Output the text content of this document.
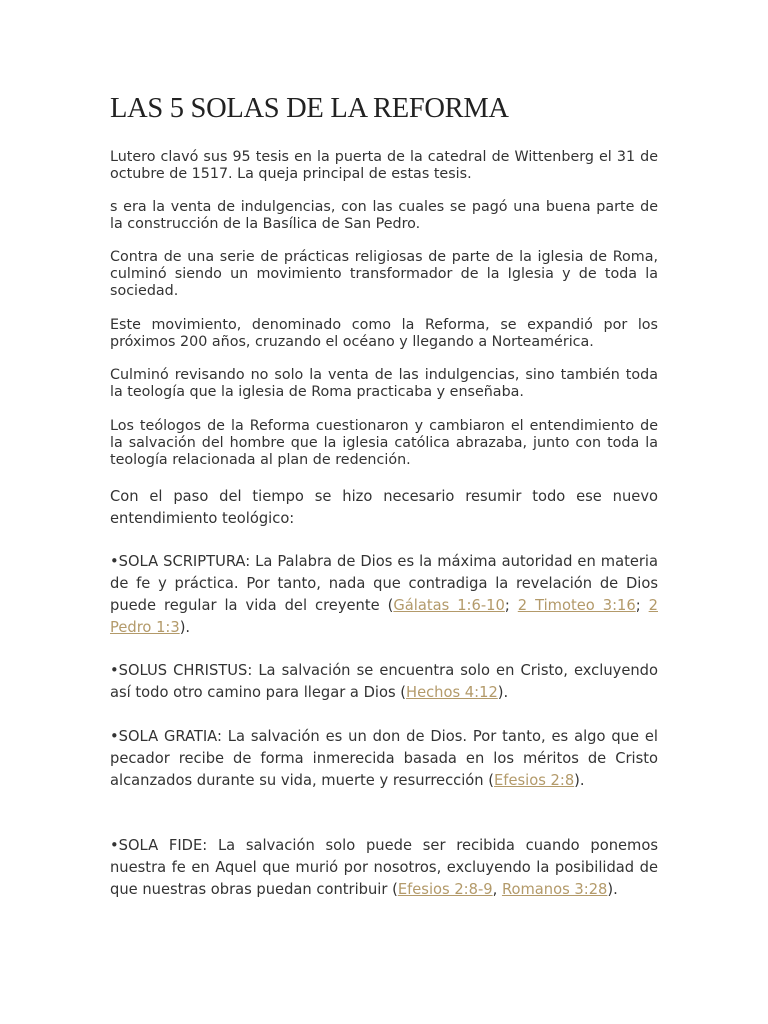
LAS 5 SOLAS DE LA REFORMA

Lutero clavó sus 95 tesis en la puerta de la catedral de Wittenberg el 31 de octubre de 1517. La queja principal de estas tesis.

s era la venta de indulgencias, con las cuales se pagó una buena parte de la construcción de la Basílica de San Pedro.

Contra de una serie de prácticas religiosas de parte de la iglesia de Roma, culminó siendo un movimiento transformador de la Iglesia y de toda la sociedad.

Este movimiento, denominado como la Reforma, se expandió por los próximos 200 años, cruzando el océano y llegando a Norteamérica.

Culminó revisando no solo la venta de las indulgencias, sino también toda la teología que la iglesia de Roma practicaba y enseñaba.

Los teólogos de la Reforma cuestionaron y cambiaron el entendimiento de la salvación del hombre que la iglesia católica abrazaba, junto con toda la teología relacionada al plan de redención.

Con el paso del tiempo se hizo necesario resumir todo ese nuevo entendimiento teológico:

•SOLA SCRIPTURA: La Palabra de Dios es la máxima autoridad en materia de fe y práctica. Por tanto, nada que contradiga la revelación de Dios puede regular la vida del creyente (Gálatas 1:6-10; 2 Timoteo 3:16; 2 Pedro 1:3).

•SOLUS CHRISTUS: La salvación se encuentra solo en Cristo, excluyendo así todo otro camino para llegar a Dios (Hechos 4:12).

•SOLA GRATIA: La salvación es un don de Dios. Por tanto, es algo que el pecador recibe de forma inmerecida basada en los méritos de Cristo alcanzados durante su vida, muerte y resurrección (Efesios 2:8).

•SOLA FIDE: La salvación solo puede ser recibida cuando ponemos nuestra fe en Aquel que murió por nosotros, excluyendo la posibilidad de que nuestras obras puedan contribuir (Efesios 2:8-9, Romanos 3:28).
